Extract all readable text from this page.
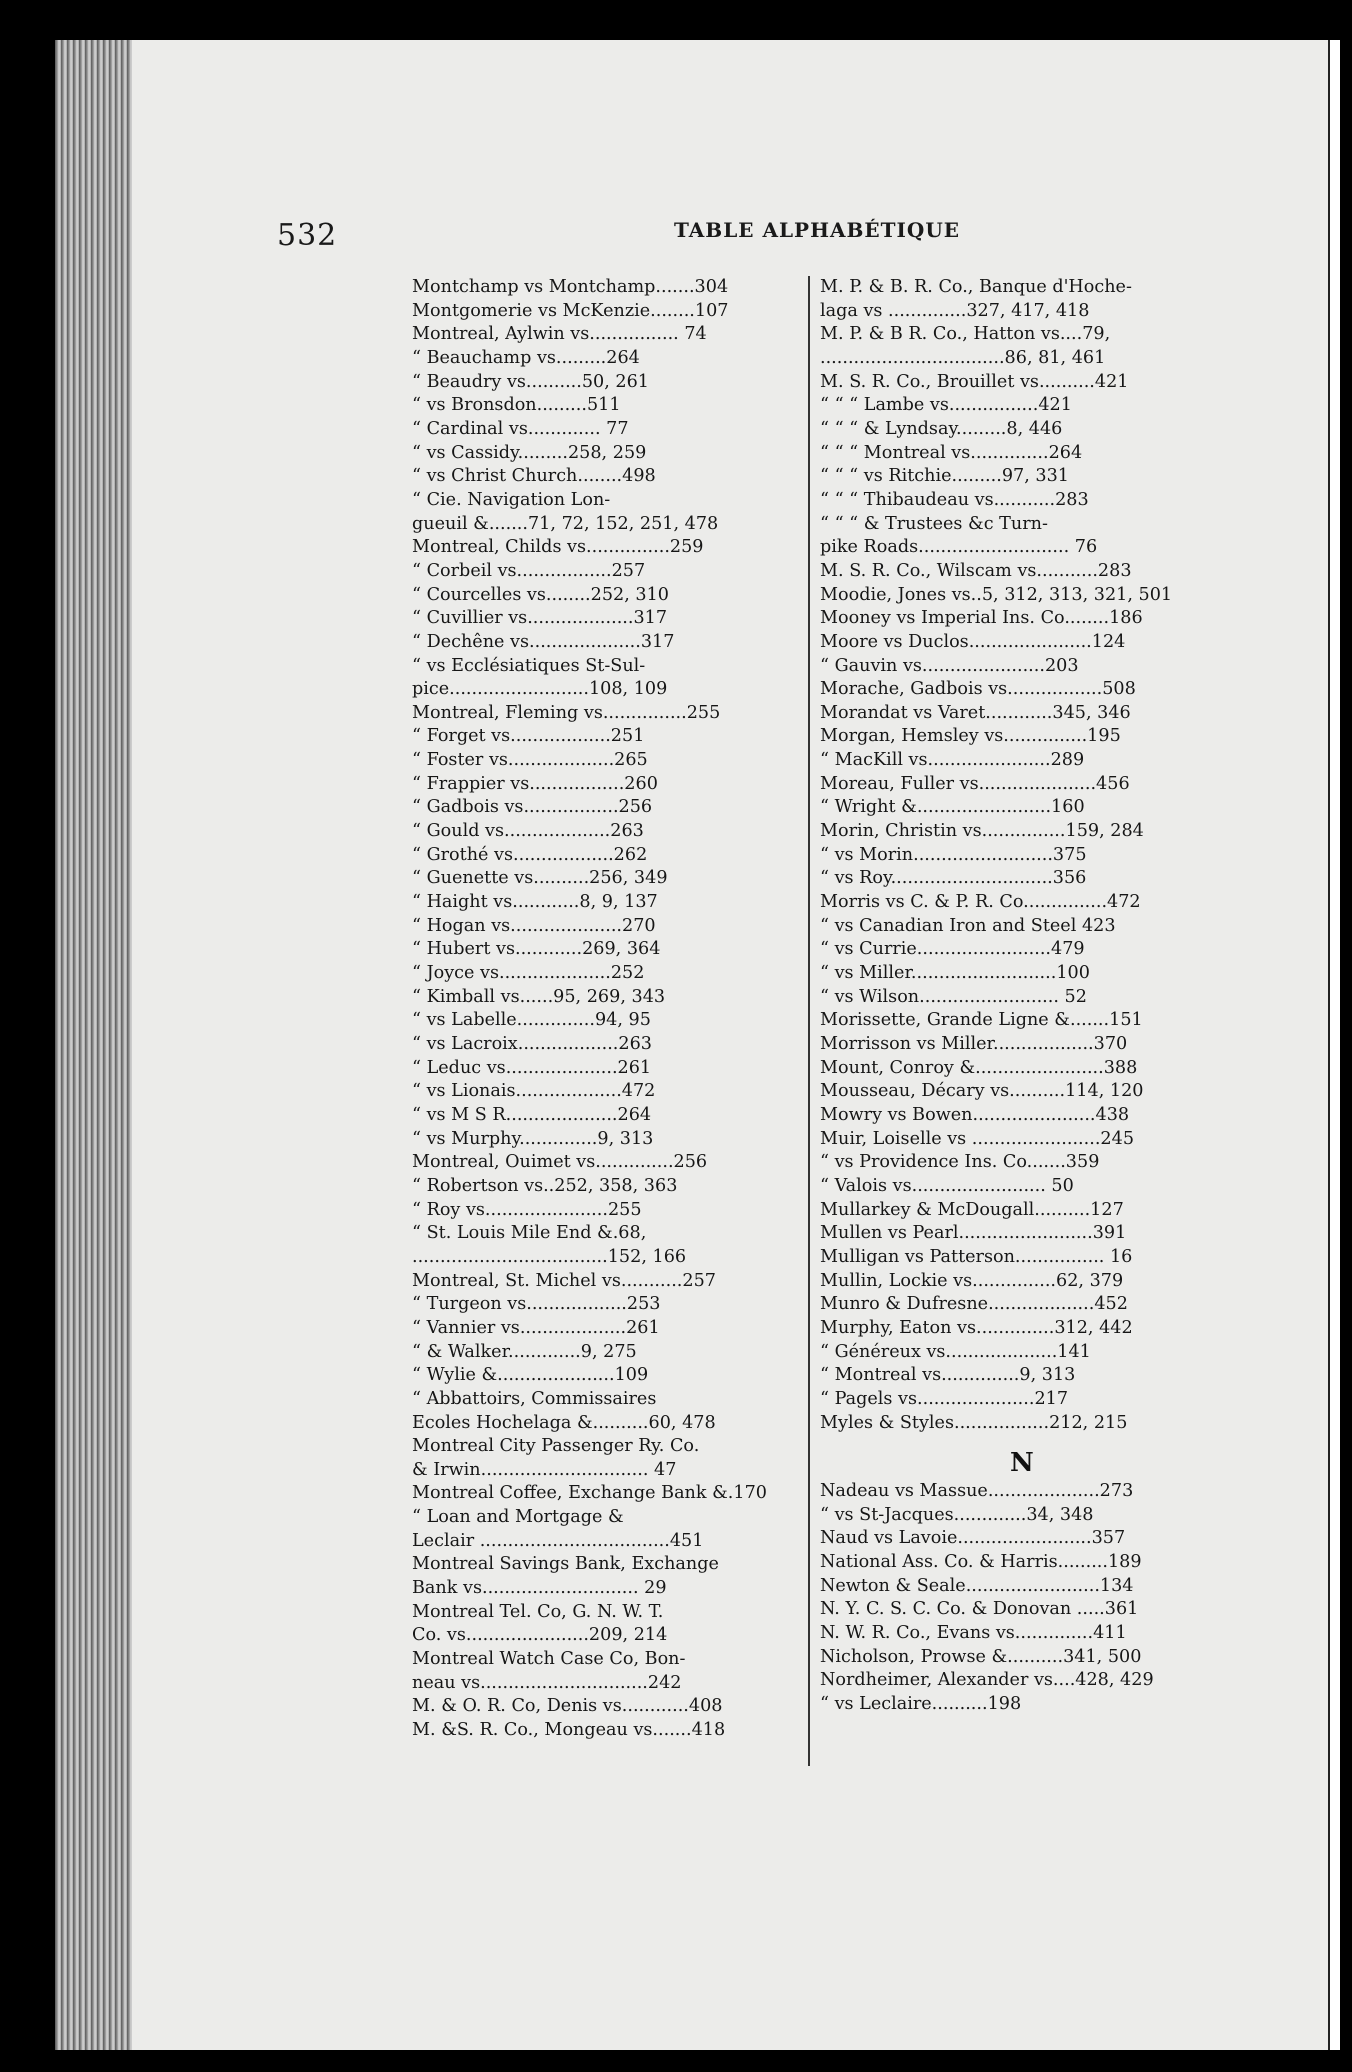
532	TABLE ALPHABÉTIQUE
Montchamp vs Montchamp.......304
Montgomerie vs McKenzie........107
Montreal, Aylwin vs................ 74
“ Beauchamp vs.........264
“ Beaudry vs..........50, 261
“ vs Bronsdon.........511
“ Cardinal vs............. 77
“ vs Cassidy.........258, 259
“ vs Christ Church........498
“ Cie. Navigation Lon-
gueuil &.......71, 72, 152, 251, 478
Montreal, Childs vs...............259
“ Corbeil vs.................257
“ Courcelles vs........252, 310
“ Cuvillier vs...................317
“ Dechêne vs....................317
“ vs Ecclésiatiques St-Sul-
pice.........................108, 109
Montreal, Fleming vs...............255
“ Forget vs..................251
“ Foster vs...................265
“ Frappier vs.................260
“ Gadbois vs.................256
“ Gould vs...................263
“ Grothé vs..................262
“ Guenette vs..........256, 349
“ Haight vs............8, 9, 137
“ Hogan vs....................270
“ Hubert vs............269, 364
“ Joyce vs....................252
“ Kimball vs......95, 269, 343
“ vs Labelle..............94, 95
“ vs Lacroix..................263
“ Leduc vs....................261
“ vs Lionais...................472
“ vs M S R....................264
“ vs Murphy..............9, 313
Montreal, Ouimet vs..............256
“ Robertson vs..252, 358, 363
“ Roy vs......................255
“ St. Louis Mile End &.68,
...................................152, 166
Montreal, St. Michel vs...........257
“ Turgeon vs..................253
“ Vannier vs...................261
“ & Walker.............9, 275
“ Wylie &.....................109
“ Abbattoirs, Commissaires
Ecoles Hochelaga &..........60, 478
Montreal City Passenger Ry. Co.
& Irwin.............................. 47
Montreal Coffee, Exchange Bank &.170
“ Loan and Mortgage &
Leclair ..................................451
Montreal Savings Bank, Exchange
Bank vs............................ 29
Montreal Tel. Co, G. N. W. T.
Co. vs......................209, 214
Montreal Watch Case Co, Bon-
neau vs..............................242
M. & O. R. Co, Denis vs............408
M. &S. R. Co., Mongeau vs.......418
M. P. & B. R. Co., Banque d'Hoche-
laga vs ..............327, 417, 418
M. P. & B R. Co., Hatton vs....79,
.................................86, 81, 461
M. S. R. Co., Brouillet vs..........421
“ “ “ Lambe vs................421
“ “ “ & Lyndsay.........8, 446
“ “ “ Montreal vs..............264
“ “ “ vs Ritchie.........97, 331
“ “ “ Thibaudeau vs...........283
“ “ “ & Trustees &c Turn-
pike Roads........................... 76
M. S. R. Co., Wilscam vs...........283
Moodie, Jones vs..5, 312, 313, 321, 501
Mooney vs Imperial Ins. Co........186
Moore vs Duclos......................124
“ Gauvin vs......................203
Morache, Gadbois vs.................508
Morandat vs Varet............345, 346
Morgan, Hemsley vs...............195
“ MacKill vs......................289
Moreau, Fuller vs.....................456
“ Wright &........................160
Morin, Christin vs...............159, 284
“ vs Morin.........................375
“ vs Roy.............................356
Morris vs C. & P. R. Co...............472
“ vs Canadian Iron and Steel 423
“ vs Currie........................479
“ vs Miller..........................100
“ vs Wilson......................... 52
Morissette, Grande Ligne &.......151
Morrisson vs Miller..................370
Mount, Conroy &.......................388
Mousseau, Décary vs..........114, 120
Mowry vs Bowen......................438
Muir, Loiselle vs .......................245
“ vs Providence Ins. Co.......359
“ Valois vs........................ 50
Mullarkey & McDougall..........127
Mullen vs Pearl........................391
Mulligan vs Patterson................ 16
Mullin, Lockie vs...............62, 379
Munro & Dufresne...................452
Murphy, Eaton vs..............312, 442
“ Généreux vs....................141
“ Montreal vs..............9, 313
“ Pagels vs.....................217
Myles & Styles.................212, 215
N
Nadeau vs Massue....................273
“ vs St-Jacques.............34, 348
Naud vs Lavoie........................357
National Ass. Co. & Harris.........189
Newton & Seale........................134
N. Y. C. S. C. Co. & Donovan .....361
N. W. R. Co., Evans vs..............411
Nicholson, Prowse &..........341, 500
Nordheimer, Alexander vs....428, 429
“ vs Leclaire..........198
